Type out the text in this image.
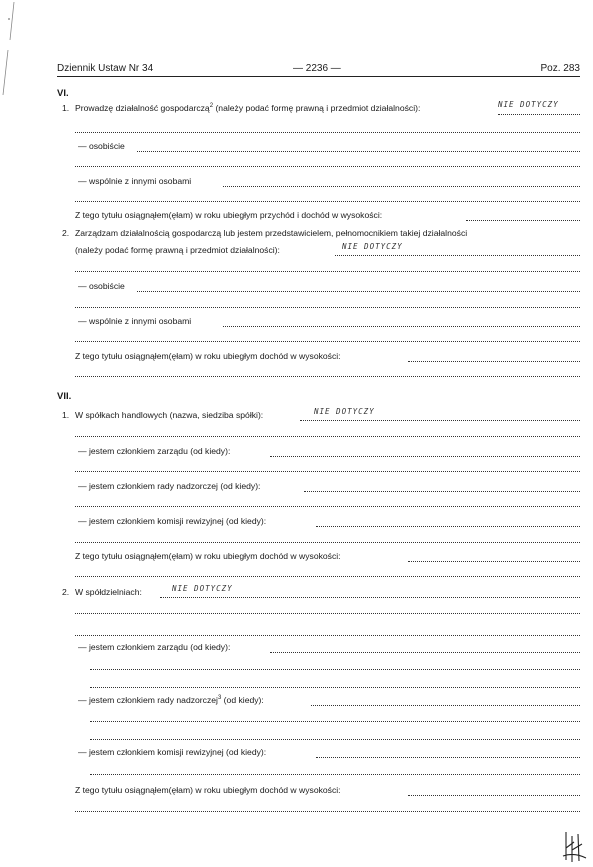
Dziennik Ustaw Nr 34	— 2236 —	Poz. 283
VI.
1. Prowadzę działalność gospodarczą$^2$ (należy podać formę prawną i przedmiot działalności):	NIE DOTYCZY
— osobiście
— wspólnie z innymi osobami
Z tego tytułu osiągnąłem(ęłam) w roku ubiegłym przychód i dochód w wysokości:
2. Zarządzam działalnością gospodarczą lub jestem przedstawicielem, pełnomocnikiem takiej działalności
(należy podać formę prawną i przedmiot działalności):	NIE DOTYCZY
— osobiście
— wspólnie z innymi osobami
Z tego tytułu osiągnąłem(ęłam) w roku ubiegłym dochód w wysokości:
VII.
1. W spółkach handlowych (nazwa, siedziba spółki):	NIE DOTYCZY
— jestem członkiem zarządu (od kiedy):
— jestem członkiem rady nadzorczej (od kiedy):
— jestem członkiem komisji rewizyjnej (od kiedy):
Z tego tytułu osiągnąłem(ęłam) w roku ubiegłym dochód w wysokości:
2. W spółdzielniach:	NIE DOTYCZY
— jestem członkiem zarządu (od kiedy):
— jestem członkiem rady nadzorczej$^3$ (od kiedy):
— jestem członkiem komisji rewizyjnej (od kiedy):
Z tego tytułu osiągnąłem(ęłam) w roku ubiegłym dochód w wysokości:
